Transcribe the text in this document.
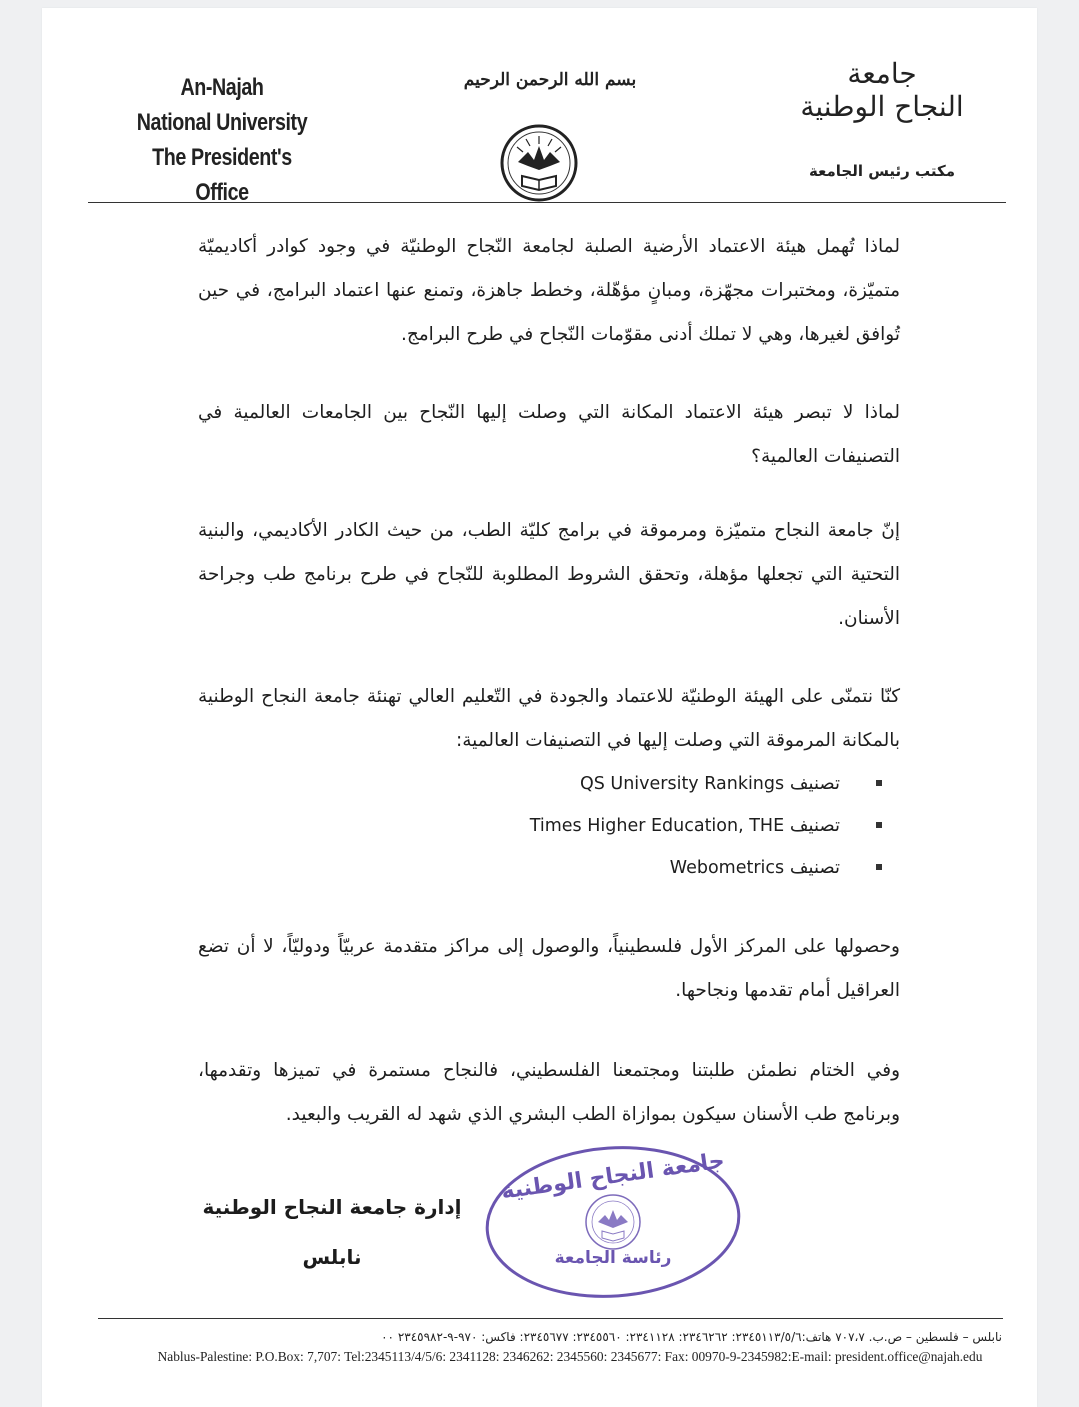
An-Najah
National University
The President's Office
بسم الله الرحمن الرحيم	جامعة
النجاح الوطنية
مكتب رئيس الجامعة

لماذا تُهمل هيئة الاعتماد الأرضية الصلبة لجامعة النّجاح الوطنيّة في وجود كوادر أكاديميّة متميّزة، ومختبرات مجهّزة، ومبانٍ مؤهّلة، وخطط جاهزة، وتمنع عنها اعتماد البرامج، في حين تُوافق لغيرها، وهي لا تملك أدنى مقوّمات النّجاح في طرح البرامج.

لماذا لا تبصر هيئة الاعتماد المكانة التي وصلت إليها النّجاح بين الجامعات العالمية في التصنيفات العالمية؟

إنّ جامعة النجاح متميّزة ومرموقة في برامج كليّة الطب، من حيث الكادر الأكاديمي، والبنية التحتية التي تجعلها مؤهلة، وتحقق الشروط المطلوبة للنّجاح في طرح برنامج طب وجراحة الأسنان.

كنّا نتمنّى على الهيئة الوطنيّة للاعتماد والجودة في التّعليم العالي تهنئة جامعة النجاح الوطنية بالمكانة المرموقة التي وصلت إليها في التصنيفات العالمية:

تصنيف QS University Rankings
تصنيف Times Higher Education, THE
تصنيف Webometrics

وحصولها على المركز الأول فلسطينياً، والوصول إلى مراكز متقدمة عربيّاً ودوليّاً، لا أن تضع العراقيل أمام تقدمها ونجاحها.

وفي الختام نطمئن طلبتنا ومجتمعنا الفلسطيني، فالنجاح مستمرة في تميزها وتقدمها، وبرنامج طب الأسنان سيكون بموازاة الطب البشري الذي شهد له القريب والبعيد.

إدارة جامعة النجاح الوطنية
نابلس
جامعة النجاح الوطنية
رئاسة الجامعة
نابلس – فلسطين – ص.ب. ٧٠٧،٧ هاتف:٢٣٤٥١١٣/٥/٦: ٢٣٤٦٢٦٢: ٢٣٤١١٢٨: ٢٣٤٥٥٦٠: ٢٣٤٥٦٧٧: فاكس: ٩٧٠-٩-٢٣٤٥٩٨٢ ٠٠
Nablus-Palestine: P.O.Box: 7,707: Tel:2345113/4/5/6: 2341128: 2346262: 2345560: 2345677: Fax: 00970-9-2345982:E-mail: president.office@najah.edu
